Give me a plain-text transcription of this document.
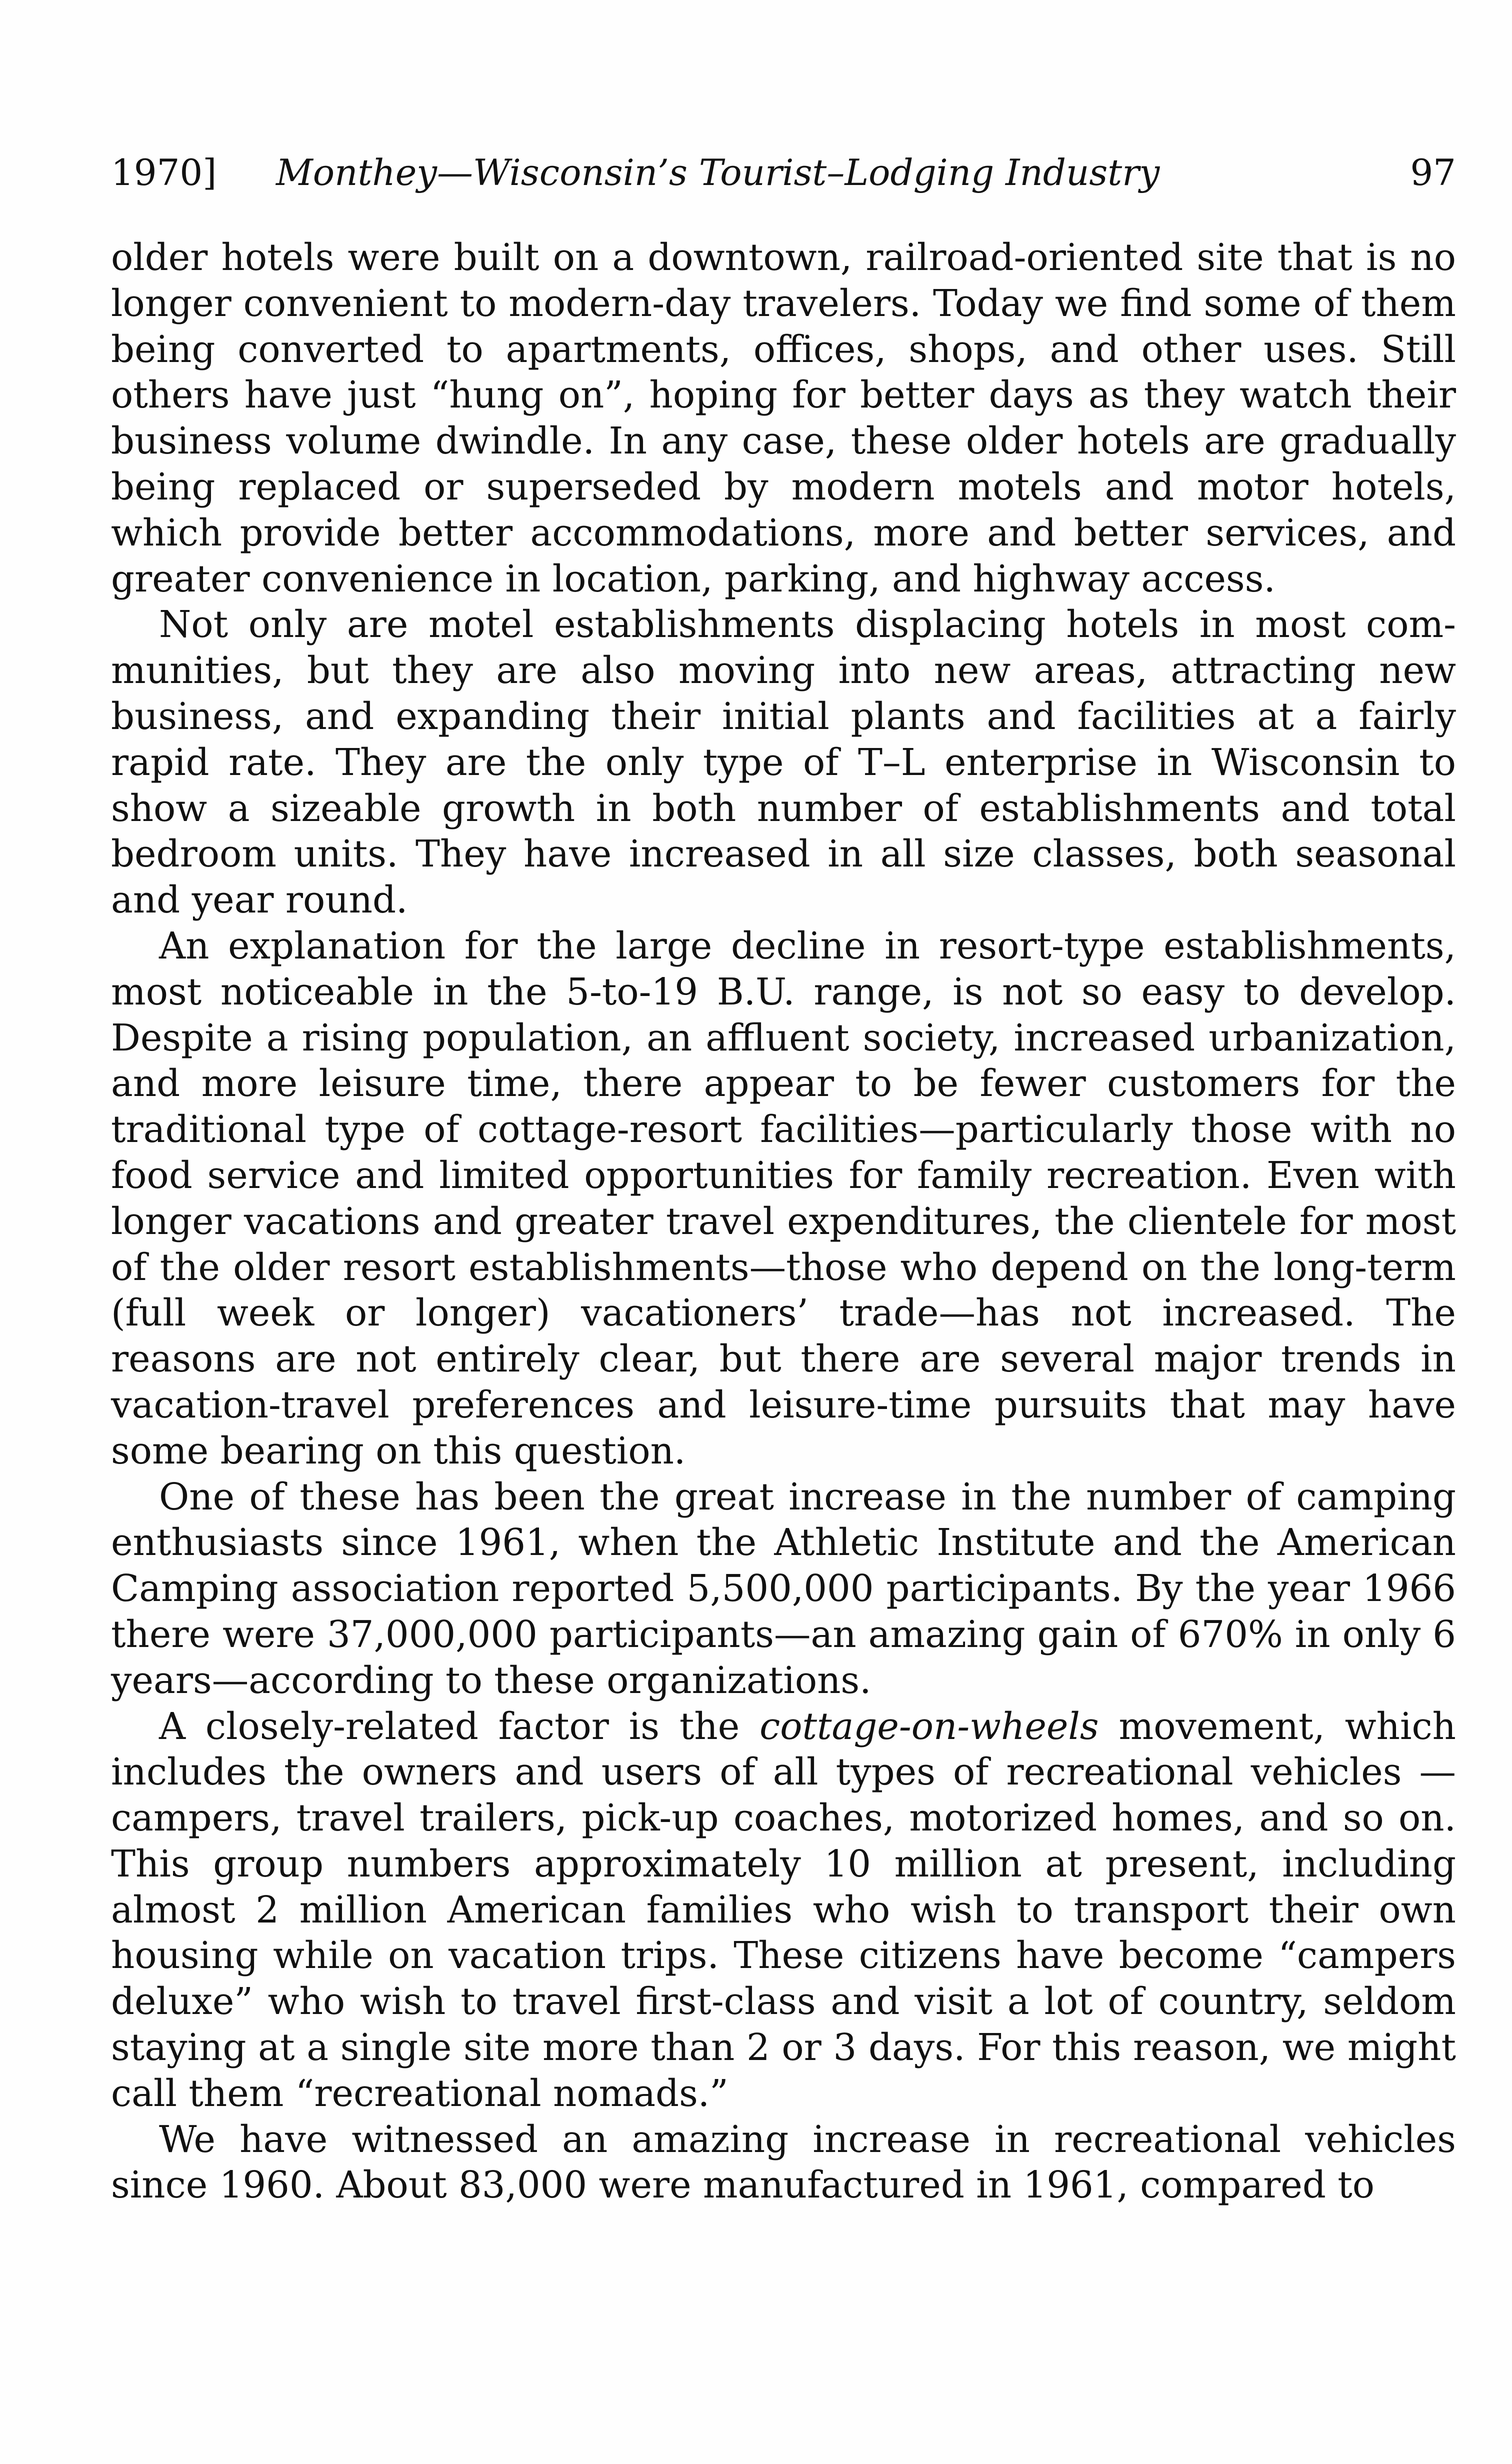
1970] Monthey—Wisconsin’s Tourist–Lodging Industry	97

older hotels were built on a downtown, railroad-oriented site that is no longer convenient to modern-day travelers. Today we find some of them being converted to apartments, offices, shops, and other uses. Still others have just “hung on”, hoping for better days as they watch their business volume dwindle. In any case, these older hotels are gradually being replaced or superseded by modern motels and motor hotels, which provide better accommodations, more and better services, and greater convenience in location, parking, and highway access.

Not only are motel establishments displacing hotels in most communities, but they are also moving into new areas, attracting new business, and expanding their initial plants and facilities at a fairly rapid rate. They are the only type of T–L enterprise in Wisconsin to show a sizeable growth in both number of establishments and total bedroom units. They have increased in all size classes, both seasonal and year round.

An explanation for the large decline in resort-type establishments, most noticeable in the 5-to-19 B.U. range, is not so easy to develop. Despite a rising population, an affluent society, increased urbanization, and more leisure time, there appear to be fewer customers for the traditional type of cottage-resort facilities—particularly those with no food service and limited opportunities for family recreation. Even with longer vacations and greater travel expenditures, the clientele for most of the older resort establishments—those who depend on the long-term (full week or longer) vacationers’ trade—has not increased. The reasons are not entirely clear, but there are several major trends in vacation-travel preferences and leisure-time pursuits that may have some bearing on this question.

One of these has been the great increase in the number of camping enthusiasts since 1961, when the Athletic Institute and the American Camping association reported 5,500,000 participants. By the year 1966 there were 37,000,000 participants—an amazing gain of 670% in only 6 years—according to these organizations.

A closely-related factor is the cottage-on-wheels movement, which includes the owners and users of all types of recreational vehicles —campers, travel trailers, pick-up coaches, motorized homes, and so on. This group numbers approximately 10 million at present, including almost 2 million American families who wish to transport their own housing while on vacation trips. These citizens have become “campers deluxe” who wish to travel first-class and visit a lot of country, seldom staying at a single site more than 2 or 3 days. For this reason, we might call them “recreational nomads.”

We have witnessed an amazing increase in recreational vehicles since 1960. About 83,000 were manufactured in 1961, compared to
